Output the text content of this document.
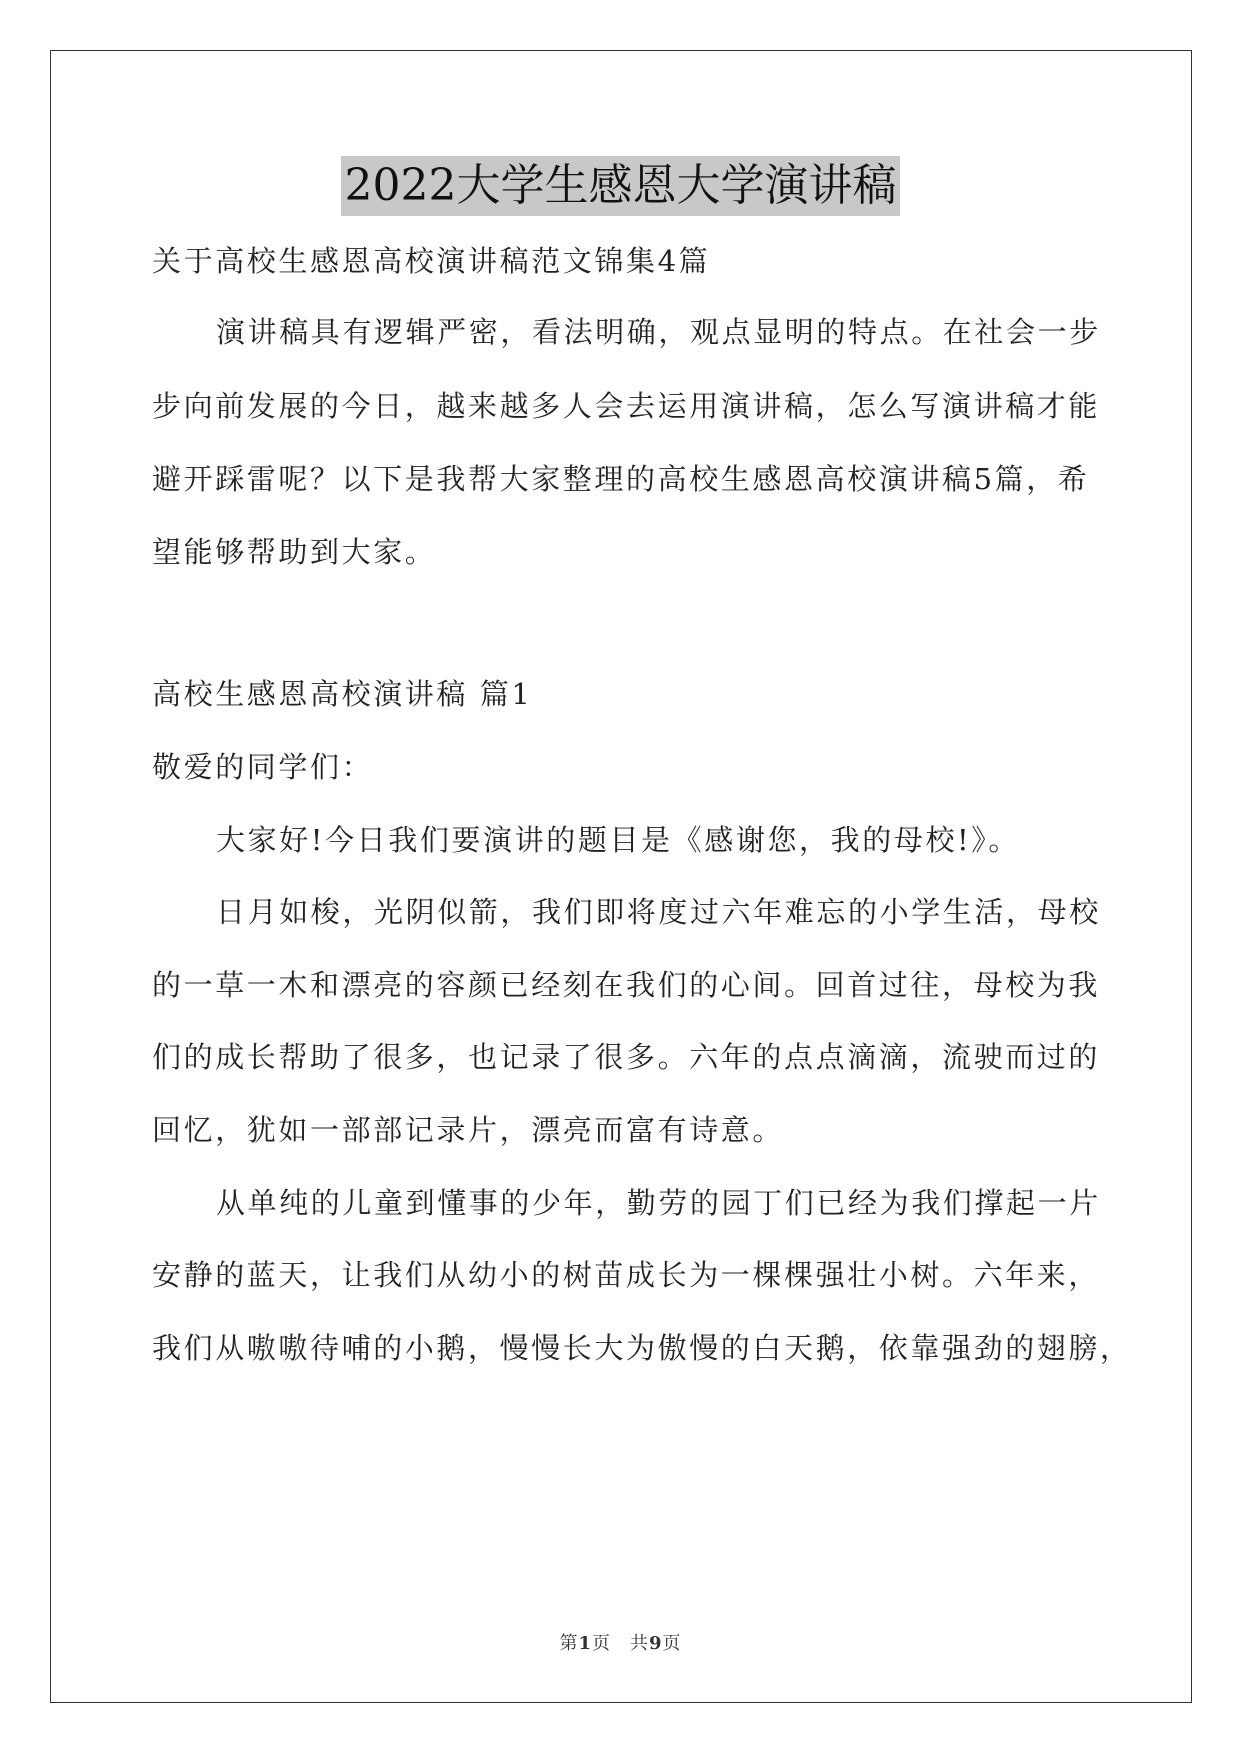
2022大学生感恩大学演讲稿
关于高校生感恩高校演讲稿范文锦集4篇
演讲稿具有逻辑严密，看法明确，观点显明的特点。在社会一步
步向前发展的今日，越来越多人会去运用演讲稿，怎么写演讲稿才能
避开踩雷呢？以下是我帮大家整理的高校生感恩高校演讲稿5篇，希
望能够帮助到大家。
高校生感恩高校演讲稿 篇1
敬爱的同学们：
大家好!今日我们要演讲的题目是《感谢您，我的母校!》。
日月如梭，光阴似箭，我们即将度过六年难忘的小学生活，母校
的一草一木和漂亮的容颜已经刻在我们的心间。回首过往，母校为我
们的成长帮助了很多，也记录了很多。六年的点点滴滴，流驶而过的
回忆，犹如一部部记录片，漂亮而富有诗意。
从单纯的儿童到懂事的少年，勤劳的园丁们已经为我们撑起一片
安静的蓝天，让我们从幼小的树苗成长为一棵棵强壮小树。六年来，
我们从嗷嗷待哺的小鹅，慢慢长大为傲慢的白天鹅，依靠强劲的翅膀，
第1页　共9页
